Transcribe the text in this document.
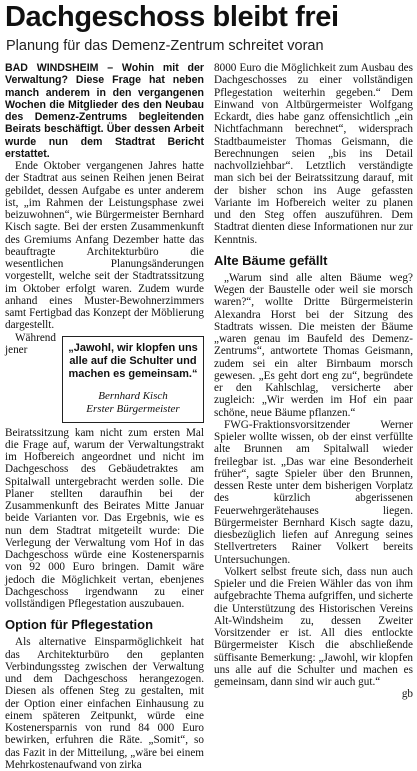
Dachgeschoss bleibt frei
Planung für das Demenz-Zentrum schreitet voran

BAD WINDSHEIM – Wohin mit der Verwaltung? Diese Frage hat neben manch anderem in den vergangenen Wochen die Mitglieder des den Neubau des Demenz-Zentrums begleitenden Beirats beschäftigt. Über dessen Arbeit wurde nun dem Stadtrat Bericht erstattet.

Ende Oktober vergangenen Jahres hatte der Stadtrat aus seinen Reihen jenen Beirat gebildet, dessen Aufgabe es unter anderem ist, „im Rahmen der Leistungsphase zwei beizuwohnen“, wie Bürgermeister Bernhard Kisch sagte. Bei der ersten Zusammenkunft des Gremiums Anfang Dezember hatte das beauftragte Architekturbüro die wesentlichen Planungsänderungen vorgestellt, welche seit der Stadtratssitzung im Oktober erfolgt waren. Zudem wurde anhand eines Muster-Bewohnerzimmers samt Fertigbad das Konzept der Möblierung dargestellt.

„Jawohl, wir klopfen uns alle auf die Schulter und machen es gemeinsam.“
Bernhard Kisch
Erster Bürgermeister

Während jener Beiratssitzung kam nicht zum ersten Mal die Frage auf, warum der Verwaltungstrakt im Hofbereich angeordnet und nicht im Dachgeschoss des Gebäudetraktes am Spitalwall untergebracht werden solle. Die Planer stellten daraufhin bei der Zusammenkunft des Beirates Mitte Januar beide Varianten vor. Das Ergebnis, wie es nun dem Stadtrat mitgeteilt wurde: Die Verlegung der Verwaltung vom Hof in das Dachgeschoss würde eine Kostenersparnis von 92 000 Euro bringen. Damit wäre jedoch die Möglichkeit vertan, ebenjenes Dachgeschoss irgendwann zu einer vollständigen Pflegestation auszubauen.

Option für Pflegestation

Als alternative Einsparmöglichkeit hat das Architekturbüro den geplanten Verbindungssteg zwischen der Verwaltung und dem Dachgeschoss herangezogen. Diesen als offenen Steg zu gestalten, mit der Option einer einfachen Einhausung zu einem späteren Zeitpunkt, würde eine Kostenersparnis von rund 84 000 Euro bewirken, erfuhren die Räte. „Somit“, so das Fazit in der Mitteilung, „wäre bei einem Mehrkostenaufwand von zirka

8000 Euro die Möglichkeit zum Ausbau des Dachgeschosses zu einer vollständigen Pflegestation weiterhin gegeben.“ Dem Einwand von Altbürgermeister Wolfgang Eckardt, dies habe ganz offensichtlich „ein Nichtfachmann berechnet“, widersprach Stadtbaumeister Thomas Geismann, die Berechnungen seien „bis ins Detail nachvollziehbar“. Letztlich verständigte man sich bei der Beiratssitzung darauf, mit der bisher schon ins Auge gefassten Variante im Hofbereich weiter zu planen und den Steg offen auszuführen. Dem Stadtrat dienten diese Informationen nur zur Kenntnis.

Alte Bäume gefällt

„Warum sind alle alten Bäume weg? Wegen der Baustelle oder weil sie morsch waren?“, wollte Dritte Bürgermeisterin Alexandra Horst bei der Sitzung des Stadtrats wissen. Die meisten der Bäume „waren genau im Baufeld des Demenz-Zentrums“, antwortete Thomas Geismann, zudem sei ein alter Birnbaum morsch gewesen. „Es geht dort eng zu“, begründete er den Kahlschlag, versicherte aber zugleich: „Wir werden im Hof ein paar schöne, neue Bäume pflanzen.“

FWG-Fraktionsvorsitzender Werner Spieler wollte wissen, ob der einst verfüllte alte Brunnen am Spitalwall wieder freilegbar ist. „Das war eine Besonderheit früher“, sagte Spieler über den Brunnen, dessen Reste unter dem bisherigen Vorplatz des kürzlich abgerissenen Feuerwehrgerätehauses liegen. Bürgermeister Bernhard Kisch sagte dazu, diesbezüglich liefen auf Anregung seines Stellvertreters Rainer Volkert bereits Untersuchungen.

Volkert selbst freute sich, dass nun auch Spieler und die Freien Wähler das von ihm aufgebrachte Thema aufgriffen, und sicherte die Unterstützung des Historischen Vereins Alt-Windsheim zu, dessen Zweiter Vorsitzender er ist. All dies entlockte Bürgermeister Kisch die abschließende süffisante Bemerkung: „Jawohl, wir klopfen uns alle auf die Schulter und machen es gemeinsam, dann sind wir auch gut.“

gb
